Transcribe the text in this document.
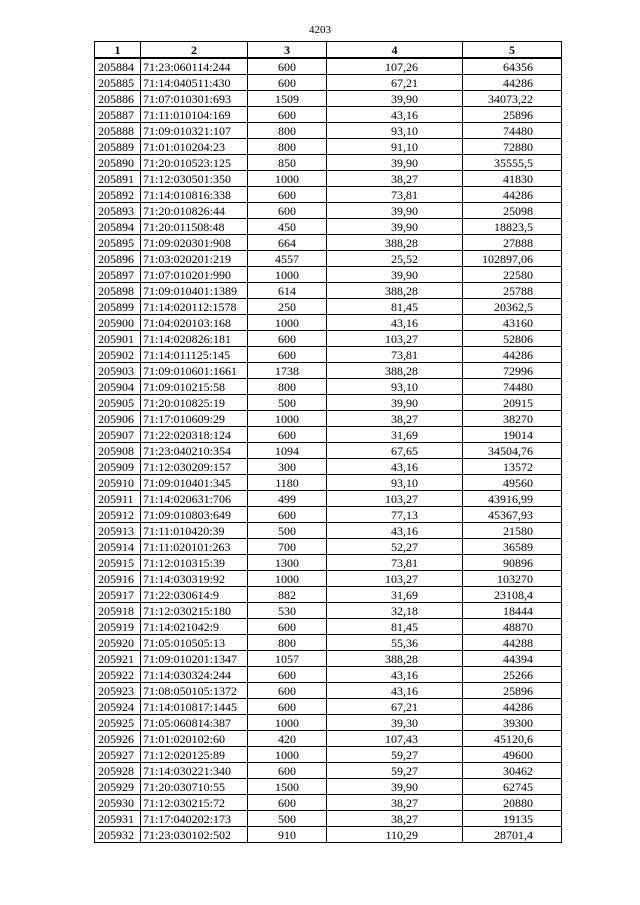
4203
1	2	3	4	5
205884	71:23:060114:244	600	107,26	64356
205885	71:14:040511:430	600	67,21	44286
205886	71:07:010301:693	1509	39,90	34073,22
205887	71:11:010104:169	600	43,16	25896
205888	71:09:010321:107	800	93,10	74480
205889	71:01:010204:23	800	91,10	72880
205890	71:20:010523:125	850	39,90	35555,5
205891	71:12:030501:350	1000	38,27	41830
205892	71:14:010816:338	600	73,81	44286
205893	71:20:010826:44	600	39,90	25098
205894	71:20:011508:48	450	39,90	18823,5
205895	71:09:020301:908	664	388,28	27888
205896	71:03:020201:219	4557	25,52	102897,06
205897	71:07:010201:990	1000	39,90	22580
205898	71:09:010401:1389	614	388,28	25788
205899	71:14:020112:1578	250	81,45	20362,5
205900	71:04:020103:168	1000	43,16	43160
205901	71:14:020826:181	600	103,27	52806
205902	71:14:011125:145	600	73,81	44286
205903	71:09:010601:1661	1738	388,28	72996
205904	71:09:010215:58	800	93,10	74480
205905	71:20:010825:19	500	39,90	20915
205906	71:17:010609:29	1000	38,27	38270
205907	71:22:020318:124	600	31,69	19014
205908	71:23:040210:354	1094	67,65	34504,76
205909	71:12:030209:157	300	43,16	13572
205910	71:09:010401:345	1180	93,10	49560
205911	71:14:020631:706	499	103,27	43916,99
205912	71:09:010803:649	600	77,13	45367,93
205913	71:11:010420:39	500	43,16	21580
205914	71:11:020101:263	700	52,27	36589
205915	71:12:010315:39	1300	73,81	90896
205916	71:14:030319:92	1000	103,27	103270
205917	71:22:030614:9	882	31,69	23108,4
205918	71:12:030215:180	530	32,18	18444
205919	71:14:021042:9	600	81,45	48870
205920	71:05:010505:13	800	55,36	44288
205921	71:09:010201:1347	1057	388,28	44394
205922	71:14:030324:244	600	43,16	25266
205923	71:08:050105:1372	600	43,16	25896
205924	71:14:010817:1445	600	67,21	44286
205925	71:05:060814:387	1000	39,30	39300
205926	71:01:020102:60	420	107,43	45120,6
205927	71:12:020125:89	1000	59,27	49600
205928	71:14:030221:340	600	59,27	30462
205929	71:20:030710:55	1500	39,90	62745
205930	71:12:030215:72	600	38,27	20880
205931	71:17:040202:173	500	38,27	19135
205932	71:23:030102:502	910	110,29	28701,4
